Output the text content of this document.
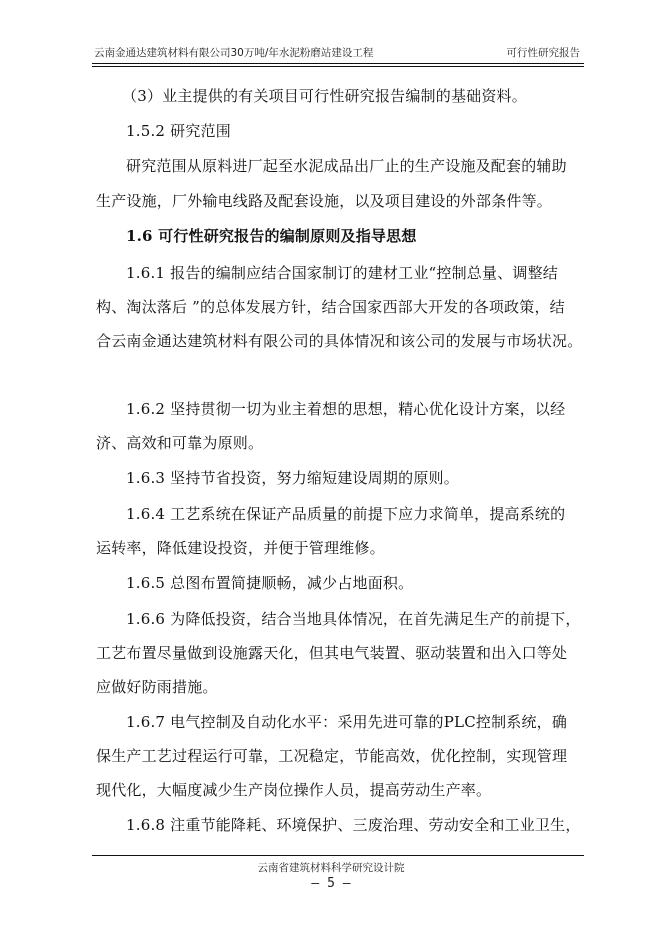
云南金通达建筑材料有限公司30万吨/年水泥粉磨站建设工程	可行性研究报告
（3）业主提供的有关项目可行性研究报告编制的基础资料。
1.5.2 研究范围
研究范围从原料进厂起至水泥成品出厂止的生产设施及配套的辅助
生产设施，厂外输电线路及配套设施，以及项目建设的外部条件等。
1.6 可行性研究报告的编制原则及指导思想
1.6.1 报告的编制应结合国家制订的建材工业“控制总量、调整结
构、淘汰落后 ”的总体发展方针，结合国家西部大开发的各项政策，结
合云南金通达建筑材料有限公司的具体情况和该公司的发展与市场状况。
1.6.2 坚持贯彻一切为业主着想的思想，精心优化设计方案，以经
济、高效和可靠为原则。
1.6.3 坚持节省投资，努力缩短建设周期的原则。
1.6.4 工艺系统在保证产品质量的前提下应力求简单，提高系统的
运转率，降低建设投资，并便于管理维修。
1.6.5 总图布置简捷顺畅，减少占地面积。
1.6.6 为降低投资，结合当地具体情况，在首先满足生产的前提下，
工艺布置尽量做到设施露天化，但其电气装置、驱动装置和出入口等处
应做好防雨措施。
1.6.7 电气控制及自动化水平：采用先进可靠的PLC控制系统，确
保生产工艺过程运行可靠，工况稳定，节能高效，优化控制，实现管理
现代化，大幅度减少生产岗位操作人员，提高劳动生产率。
1.6.8 注重节能降耗、环境保护、三废治理、劳动安全和工业卫生，
云南省建筑材料科学研究设计院
— 5 —
